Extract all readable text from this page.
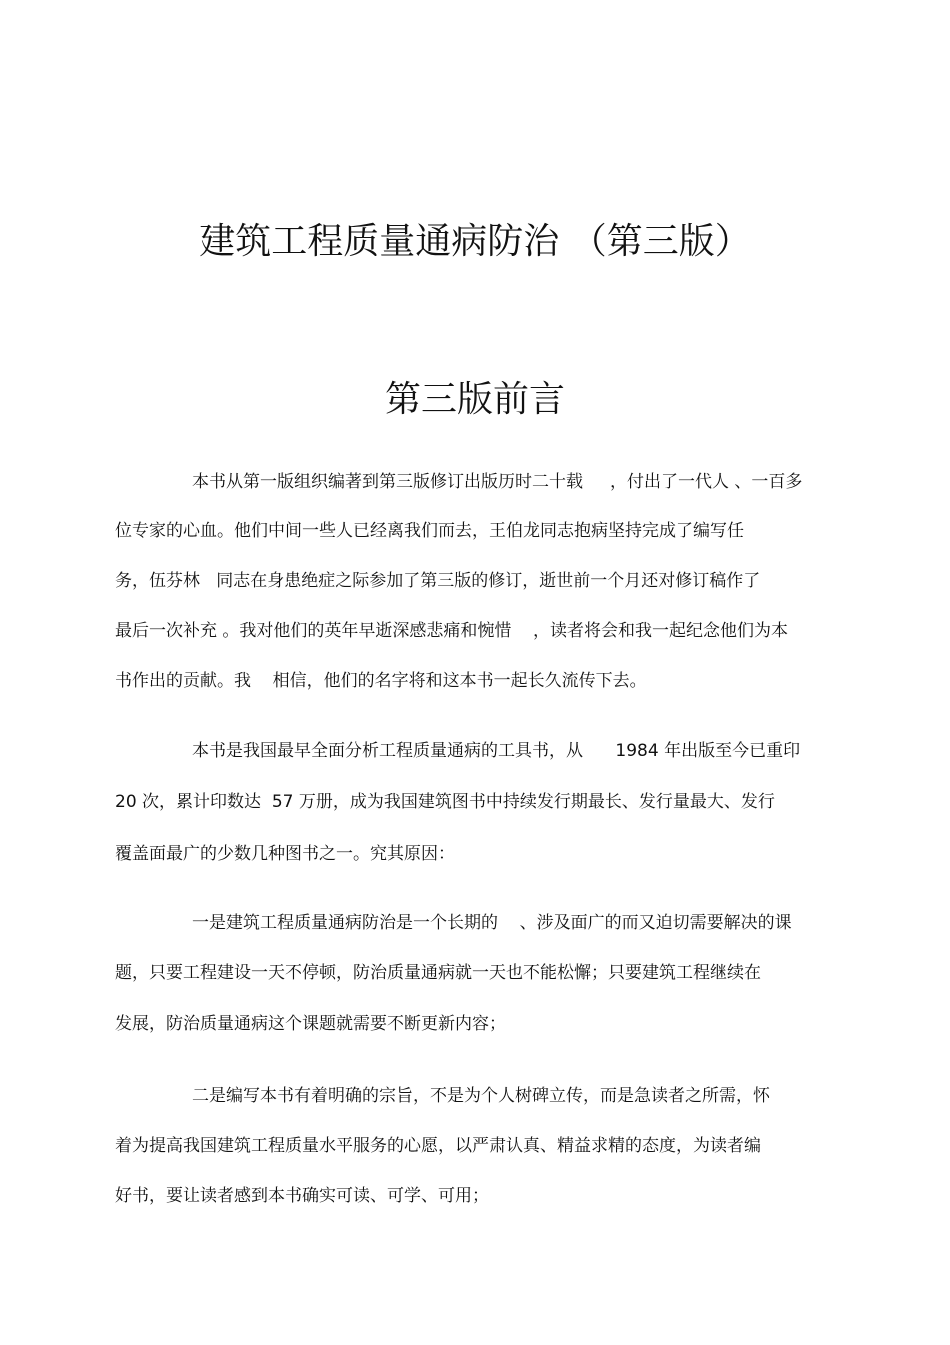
建筑工程质量通病防治 （第三版）
第三版前言
本书从第一版组织编著到第三版修订出版历时二十载     ，付出了一代人 、一百多
位专家的心血。他们中间一些人已经离我们而去，王伯龙同志抱病坚持完成了编写任
务，伍芬林   同志在身患绝症之际参加了第三版的修订，逝世前一个月还对修订稿作了
最后一次补充 。我对他们的英年早逝深感悲痛和惋惜    ，读者将会和我一起纪念他们为本
书作出的贡献。我    相信，他们的名字将和这本书一起长久流传下去。
本书是我国最早全面分析工程质量通病的工具书，从      1984 年出版至今已重印
20 次，累计印数达  57 万册，成为我国建筑图书中持续发行期最长、发行量最大、发行
覆盖面最广的少数几种图书之一。究其原因：
一是建筑工程质量通病防治是一个长期的    、涉及面广的而又迫切需要解决的课
题，只要工程建设一天不停顿，防治质量通病就一天也不能松懈；只要建筑工程继续在
发展，防治质量通病这个课题就需要不断更新内容；
二是编写本书有着明确的宗旨，不是为个人树碑立传，而是急读者之所需，怀
着为提高我国建筑工程质量水平服务的心愿，以严肃认真、精益求精的态度，为读者编
好书，要让读者感到本书确实可读、可学、可用；
